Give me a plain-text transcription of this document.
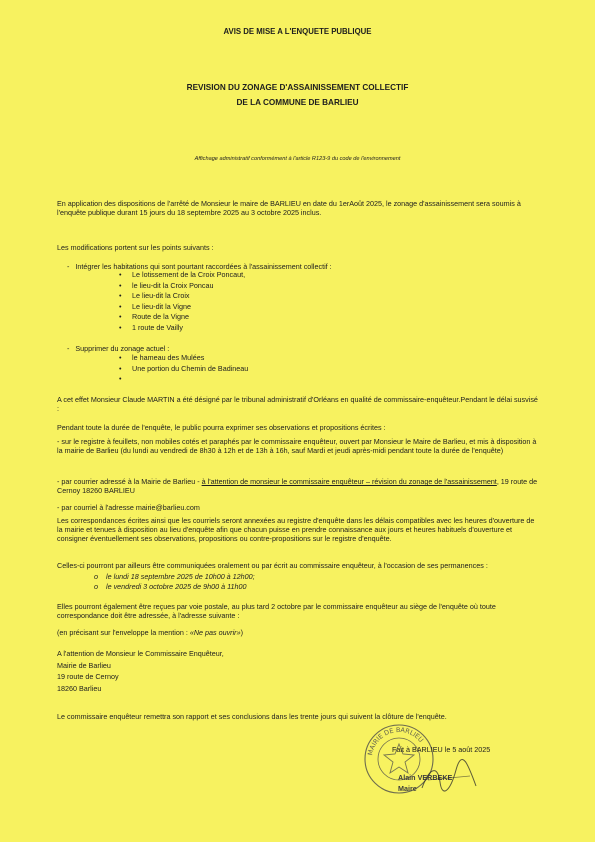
AVIS DE MISE A L'ENQUETE PUBLIQUE
REVISION DU ZONAGE D'ASSAINISSEMENT COLLECTIF
DE LA COMMUNE DE BARLIEU
Affichage administratif conformément à l'article R123-9 du code de l'environnement
En application des dispositions de l'arrêté de Monsieur le maire de BARLIEU en date du 1erAoût 2025, le zonage d'assainissement sera soumis à l'enquête publique durant 15 jours du 18 septembre 2025 au 3 octobre 2025 inclus.
Les modifications portent sur les points suivants :
-   Intégrer les habitations qui sont pourtant raccordées à l'assainissement collectif :
• Le lotissement de la Croix Poncaut,
• le lieu-dit la Croix Poncau
• Le lieu-dit la Croix
• Le lieu-dit la Vigne
• Route de la Vigne
• 1 route de Vailly
-   Supprimer du zonage actuel :
• le hameau des Mulées
• Une portion du Chemin de Badineau
•
A cet effet Monsieur Claude MARTIN a été désigné par le tribunal administratif d'Orléans en qualité de commissaire-enquêteur.Pendant le délai susvisé :
Pendant toute la durée de l'enquête, le public pourra exprimer ses observations et propositions écrites :
- sur le registre à feuillets, non mobiles cotés et paraphés par le commissaire enquêteur, ouvert par Monsieur le Maire de Barlieu, et mis à disposition à la mairie de Barlieu (du lundi au vendredi de 8h30 à 12h et de 13h à 16h, sauf Mardi et jeudi après-midi pendant toute la durée de l'enquête)
- par courrier adressé à la Mairie de Barlieu - à l'attention de monsieur le commissaire enquêteur – révision du zonage de l'assainissement, 19 route de Cernoy 18260 BARLIEU
- par courriel à l'adresse mairie@barlieu.com
Les correspondances écrites ainsi que les courriels seront annexées au registre d'enquête dans les délais compatibles avec les heures d'ouverture de la mairie et tenues à disposition au lieu d'enquête afin que chacun puisse en prendre connaissance aux jours et heures habituels d'ouverture et consigner éventuellement ses observations, propositions ou contre-propositions sur le registre d'enquête.
Celles-ci pourront par ailleurs être communiquées oralement ou par écrit au commissaire enquêteur, à l'occasion de ses permanences :
o le lundi 18 septembre 2025 de 10h00 à 12h00;
o le vendredi 3 octobre 2025 de 9h00 à 11h00
Elles pourront également être reçues par voie postale, au plus tard 2 octobre par le commissaire enquêteur au siège de l'enquête où toute correspondance doit être adressée, à l'adresse suivante :
(en précisant sur l'enveloppe la mention : «Ne pas ouvrir»)
A l'attention de Monsieur le Commissaire Enquêteur,
Mairie de Barlieu
19 route de Cernoy
18260 Barlieu
Le commissaire enquêteur remettra son rapport et ses conclusions dans les trente jours qui suivent la clôture de l'enquête.
MAIRIE DE BARLIEU
Fait à BARLIEU le 5 août 2025
Alain VERBEKE
Maire
